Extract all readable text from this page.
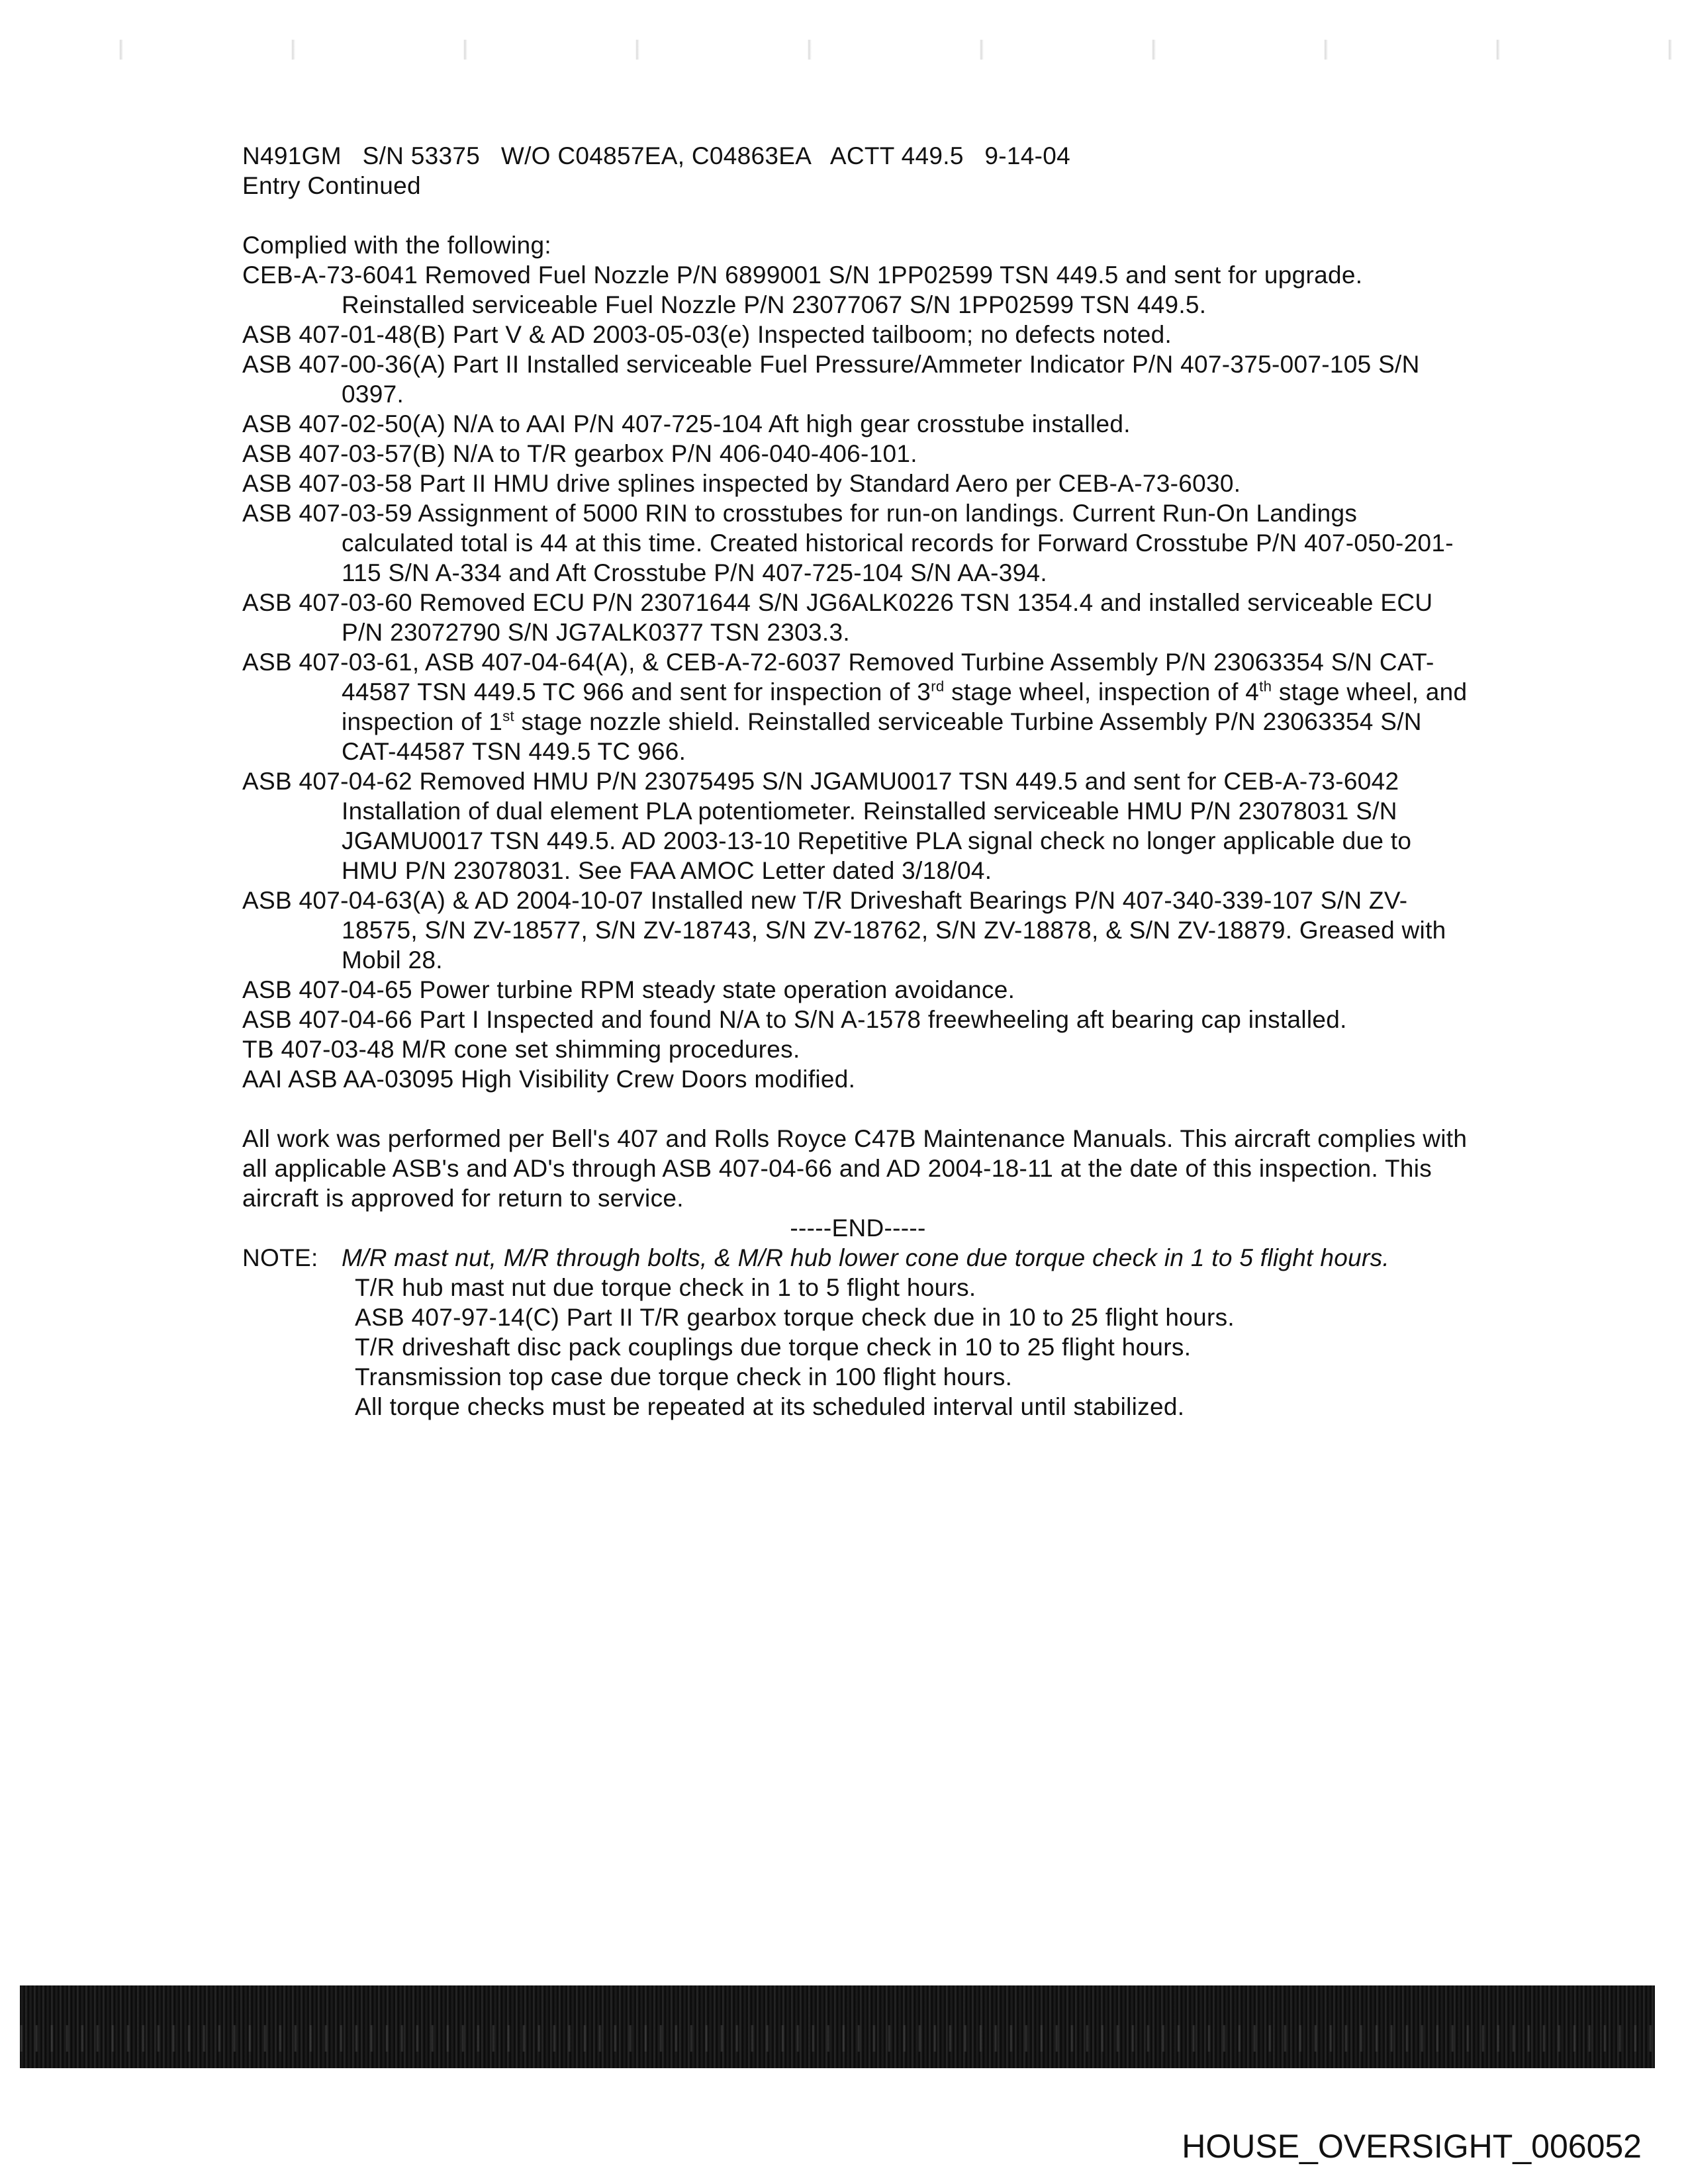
N491GM   S/N 53375   W/O C04857EA, C04863EA   ACTT 449.5   9-14-04

Entry Continued

Complied with the following:

CEB-A-73-6041 Removed Fuel Nozzle P/N 6899001 S/N 1PP02599 TSN 449.5 and sent for upgrade. Reinstalled serviceable Fuel Nozzle P/N 23077067 S/N 1PP02599 TSN 449.5.

ASB 407-01-48(B) Part V & AD 2003-05-03(e) Inspected tailboom; no defects noted.

ASB 407-00-36(A) Part II Installed serviceable Fuel Pressure/Ammeter Indicator P/N 407-375-007-105 S/N 0397.

ASB 407-02-50(A) N/A to AAI P/N 407-725-104 Aft high gear crosstube installed.

ASB 407-03-57(B) N/A to T/R gearbox P/N 406-040-406-101.

ASB 407-03-58 Part II HMU drive splines inspected by Standard Aero per CEB-A-73-6030.

ASB 407-03-59 Assignment of 5000 RIN to crosstubes for run-on landings. Current Run-On Landings calculated total is 44 at this time. Created historical records for Forward Crosstube P/N 407-050-201-115 S/N A-334 and Aft Crosstube P/N 407-725-104 S/N AA-394.

ASB 407-03-60 Removed ECU P/N 23071644 S/N JG6ALK0226 TSN 1354.4 and installed serviceable ECU P/N 23072790 S/N JG7ALK0377 TSN 2303.3.

ASB 407-03-61, ASB 407-04-64(A), & CEB-A-72-6037 Removed Turbine Assembly P/N 23063354 S/N CAT-44587 TSN 449.5 TC 966 and sent for inspection of 3rd stage wheel, inspection of 4th stage wheel, and inspection of 1st stage nozzle shield. Reinstalled serviceable Turbine Assembly P/N 23063354 S/N CAT-44587 TSN 449.5 TC 966.

ASB 407-04-62 Removed HMU P/N 23075495 S/N JGAMU0017 TSN 449.5 and sent for CEB-A-73-6042 Installation of dual element PLA potentiometer. Reinstalled serviceable HMU P/N 23078031 S/N JGAMU0017 TSN 449.5. AD 2003-13-10 Repetitive PLA signal check no longer applicable due to HMU P/N 23078031. See FAA AMOC Letter dated 3/18/04.

ASB 407-04-63(A) & AD 2004-10-07 Installed new T/R Driveshaft Bearings P/N 407-340-339-107 S/N ZV-18575, S/N ZV-18577, S/N ZV-18743, S/N ZV-18762, S/N ZV-18878, & S/N ZV-18879. Greased with Mobil 28.

ASB 407-04-65 Power turbine RPM steady state operation avoidance.

ASB 407-04-66 Part I Inspected and found N/A to S/N A-1578 freewheeling aft bearing cap installed.

TB 407-03-48 M/R cone set shimming procedures.

AAI ASB AA-03095 High Visibility Crew Doors modified.

All work was performed per Bell's 407 and Rolls Royce C47B Maintenance Manuals. This aircraft complies with all applicable ASB's and AD's through ASB 407-04-66 and AD 2004-18-11 at the date of this inspection. This aircraft is approved for return to service.

-----END-----

NOTE: M/R mast nut, M/R through bolts, & M/R hub lower cone due torque check in 1 to 5 flight hours.

T/R hub mast nut due torque check in 1 to 5 flight hours.

ASB 407-97-14(C) Part II T/R gearbox torque check due in 10 to 25 flight hours.

T/R driveshaft disc pack couplings due torque check in 10 to 25 flight hours.

Transmission top case due torque check in 100 flight hours.

All torque checks must be repeated at its scheduled interval until stabilized.

HOUSE_OVERSIGHT_006052
